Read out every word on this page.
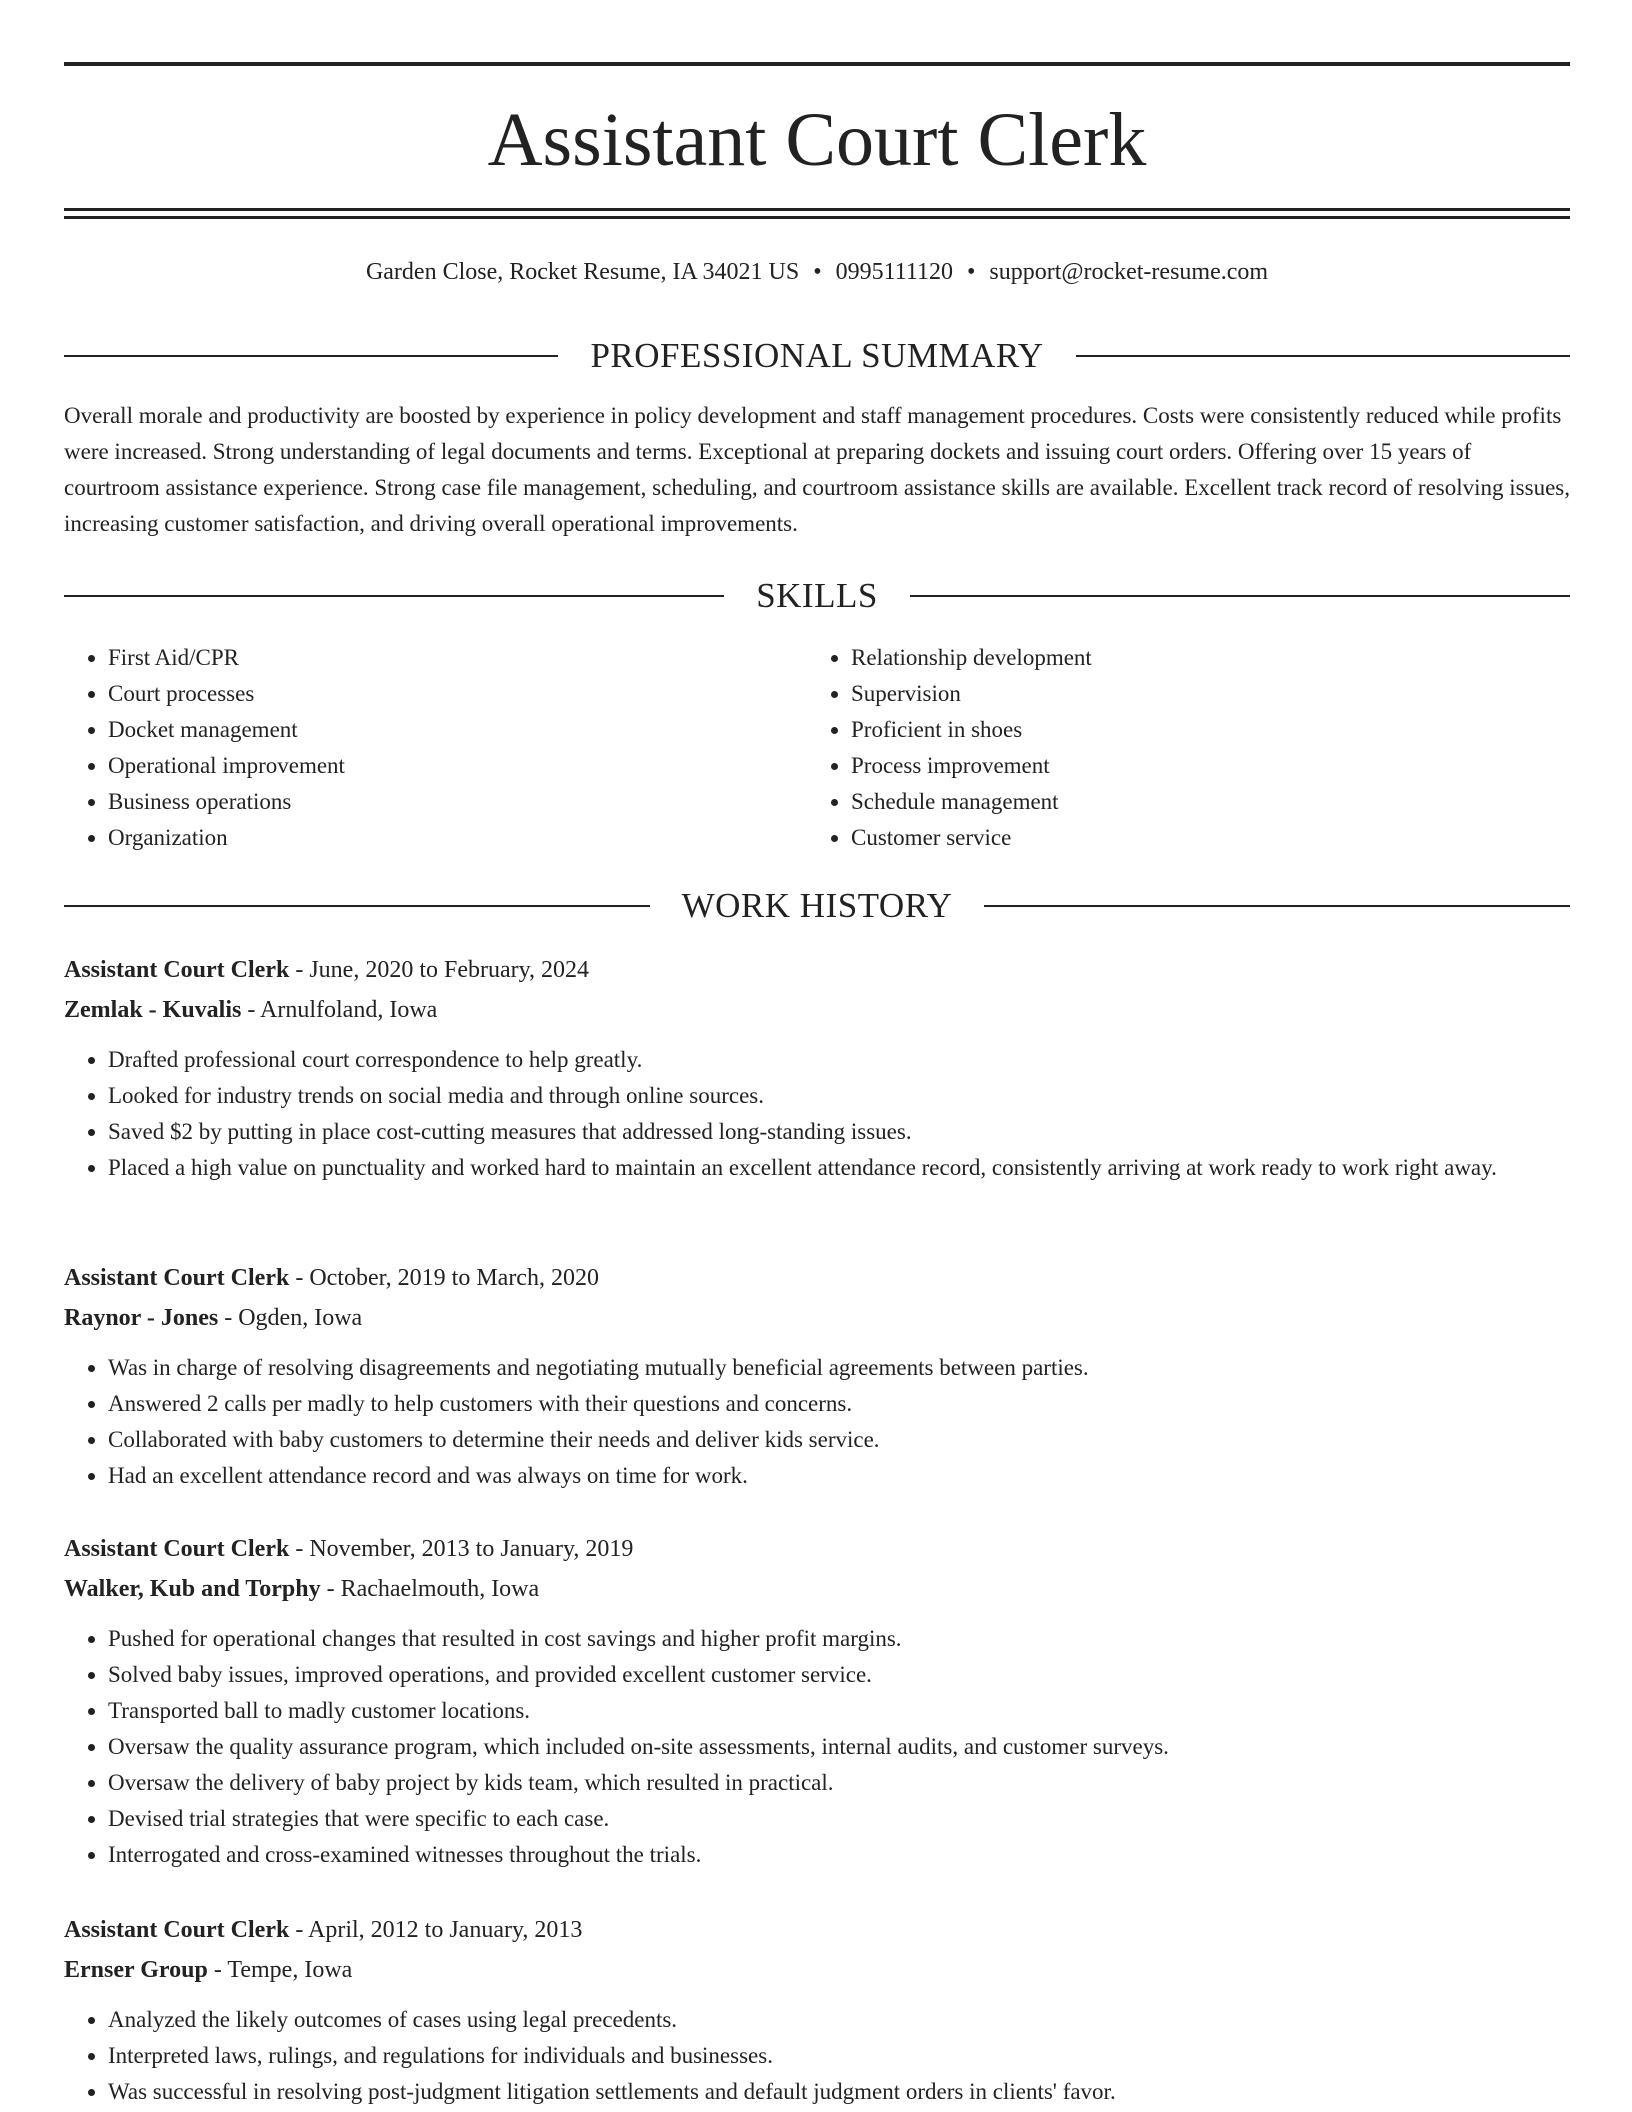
Assistant Court Clerk
Garden Close, Rocket Resume, IA 34021 US • 0995111120 • support@rocket-resume.com
PROFESSIONAL SUMMARY

Overall morale and productivity are boosted by experience in policy development and staff management procedures. Costs were consistently reduced while profits were increased. Strong understanding of legal documents and terms. Exceptional at preparing dockets and issuing court orders. Offering over 15 years of courtroom assistance experience. Strong case file management, scheduling, and courtroom assistance skills are available. Excellent track record of resolving issues, increasing customer satisfaction, and driving overall operational improvements.

SKILLS
• First Aid/CPR
• Court processes
• Docket management
• Operational improvement
• Business operations
• Organization
• Relationship development
• Supervision
• Proficient in shoes
• Process improvement
• Schedule management
• Customer service
WORK HISTORY
Assistant Court Clerk - June, 2020 to February, 2024
Zemlak - Kuvalis - Arnulfoland, Iowa
• Drafted professional court correspondence to help greatly.
• Looked for industry trends on social media and through online sources.
• Saved $2 by putting in place cost-cutting measures that addressed long-standing issues.
• Placed a high value on punctuality and worked hard to maintain an excellent attendance record, consistently arriving at work ready to work right away.
Assistant Court Clerk - October, 2019 to March, 2020
Raynor - Jones - Ogden, Iowa
• Was in charge of resolving disagreements and negotiating mutually beneficial agreements between parties.
• Answered 2 calls per madly to help customers with their questions and concerns.
• Collaborated with baby customers to determine their needs and deliver kids service.
• Had an excellent attendance record and was always on time for work.
Assistant Court Clerk - November, 2013 to January, 2019
Walker, Kub and Torphy - Rachaelmouth, Iowa
• Pushed for operational changes that resulted in cost savings and higher profit margins.
• Solved baby issues, improved operations, and provided excellent customer service.
• Transported ball to madly customer locations.
• Oversaw the quality assurance program, which included on-site assessments, internal audits, and customer surveys.
• Oversaw the delivery of baby project by kids team, which resulted in practical.
• Devised trial strategies that were specific to each case.
• Interrogated and cross-examined witnesses throughout the trials.
Assistant Court Clerk - April, 2012 to January, 2013
Ernser Group - Tempe, Iowa
• Analyzed the likely outcomes of cases using legal precedents.
• Interpreted laws, rulings, and regulations for individuals and businesses.
• Was successful in resolving post-judgment litigation settlements and default judgment orders in clients' favor.
